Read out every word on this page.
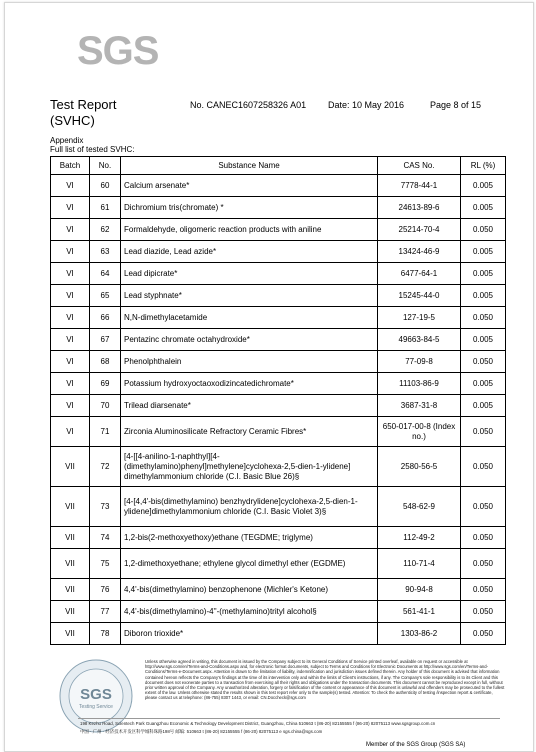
SGS
Test Report
(SVHC)
No. CANEC1607258326 A01 Date: 10 May 2016	Page 8 of 15
Appendix
Full list of tested SVHC:
Batch	No.	Substance Name	CAS No.	RL (%)
VI	60	Calcium arsenate*	7778-44-1	0.005
VI	61	Dichromium tris(chromate) *	24613-89-6	0.005
VI	62	Formaldehyde, oligomeric reaction products with aniline	25214-70-4	0.050
VI	63	Lead diazide, Lead azide*	13424-46-9	0.005
VI	64	Lead dipicrate*	6477-64-1	0.005
VI	65	Lead styphnate*	15245-44-0	0.005
VI	66	N,N-dimethylacetamide	127-19-5	0.050
VI	67	Pentazinc chromate octahydroxide*	49663-84-5	0.005
VI	68	Phenolphthalein	77-09-8	0.050
VI	69	Potassium hydroxyoctaoxodizincatedichromate*	11103-86-9	0.005
VI	70	Trilead diarsenate*	3687-31-8	0.005
VI	71	Zirconia Aluminosilicate Refractory Ceramic Fibres*	650-017-00-8 (Index no.)	0.050
VII	72	[4-[[4-anilino-1-naphthyl][4-(dimethylamino)phenyl]methylene]cyclohexa-2,5-dien-1-ylidene] dimethylammonium chloride (C.I. Basic Blue 26)§	2580-56-5	0.050
VII	73	[4-[4,4'-bis(dimethylamino) benzhydrylidene]cyclohexa-2,5-dien-1-ylidene]dimethylammonium chloride (C.I. Basic Violet 3)§	548-62-9	0.050
VII	74	1,2-bis(2-methoxyethoxy)ethane (TEGDME; triglyme)	112-49-2	0.050
VII	75	1,2-dimethoxyethane; ethylene glycol dimethyl ether (EGDME)	110-71-4	0.050
VII	76	4,4'-bis(dimethylamino) benzophenone (Michler's Ketone)	90-94-8	0.050
VII	77	4,4'-bis(dimethylamino)-4''-(methylamino)trityl alcohol§	561-41-1	0.050
VII	78	Diboron trioxide*	1303-86-2	0.050
SGS
Testing Service
Unless otherwise agreed in writing, this document is issued by the Company subject to its General Conditions of Service printed overleaf, available on request or accessible at http://www.sgs.com/en/Terms-and-Conditions.aspx and, for electronic format documents, subject to Terms and Conditions for Electronic Documents at http://www.sgs.com/en/Terms-and-Conditions/Terms-e-Document.aspx. Attention is drawn to the limitation of liability, indemnification and jurisdiction issues defined therein. Any holder of this document is advised that information contained hereon reflects the Company's findings at the time of its intervention only and within the limits of Client's instructions, if any. The Company's sole responsibility is to its Client and this document does not exonerate parties to a transaction from exercising all their rights and obligations under the transaction documents. This document cannot be reproduced except in full, without prior written approval of the Company. Any unauthorized alteration, forgery or falsification of the content or appearance of this document is unlawful and offenders may be prosecuted to the fullest extent of the law. Unless otherwise stated the results shown in this test report refer only to the sample(s) tested. Attention: To check the authenticity of testing /inspection report & certificate, please contact us at telephone: (86-755) 8307 1443, or email: CN.Doccheck@sgs.com
198 Kezhu Road, Scientech Park Guangzhou Economic & Technology Development District, Guangzhou, China 510663 t (86-20) 82155555 f (86-20) 82075113 www.sgsgroup.com.cn
中国 · 广州 · 经济技术开发区科学城科珠路198号 邮编: 510663 t (86-20) 82155555 f (86-20) 82075113 e sgs.china@sgs.com
Member of the SGS Group (SGS SA)
